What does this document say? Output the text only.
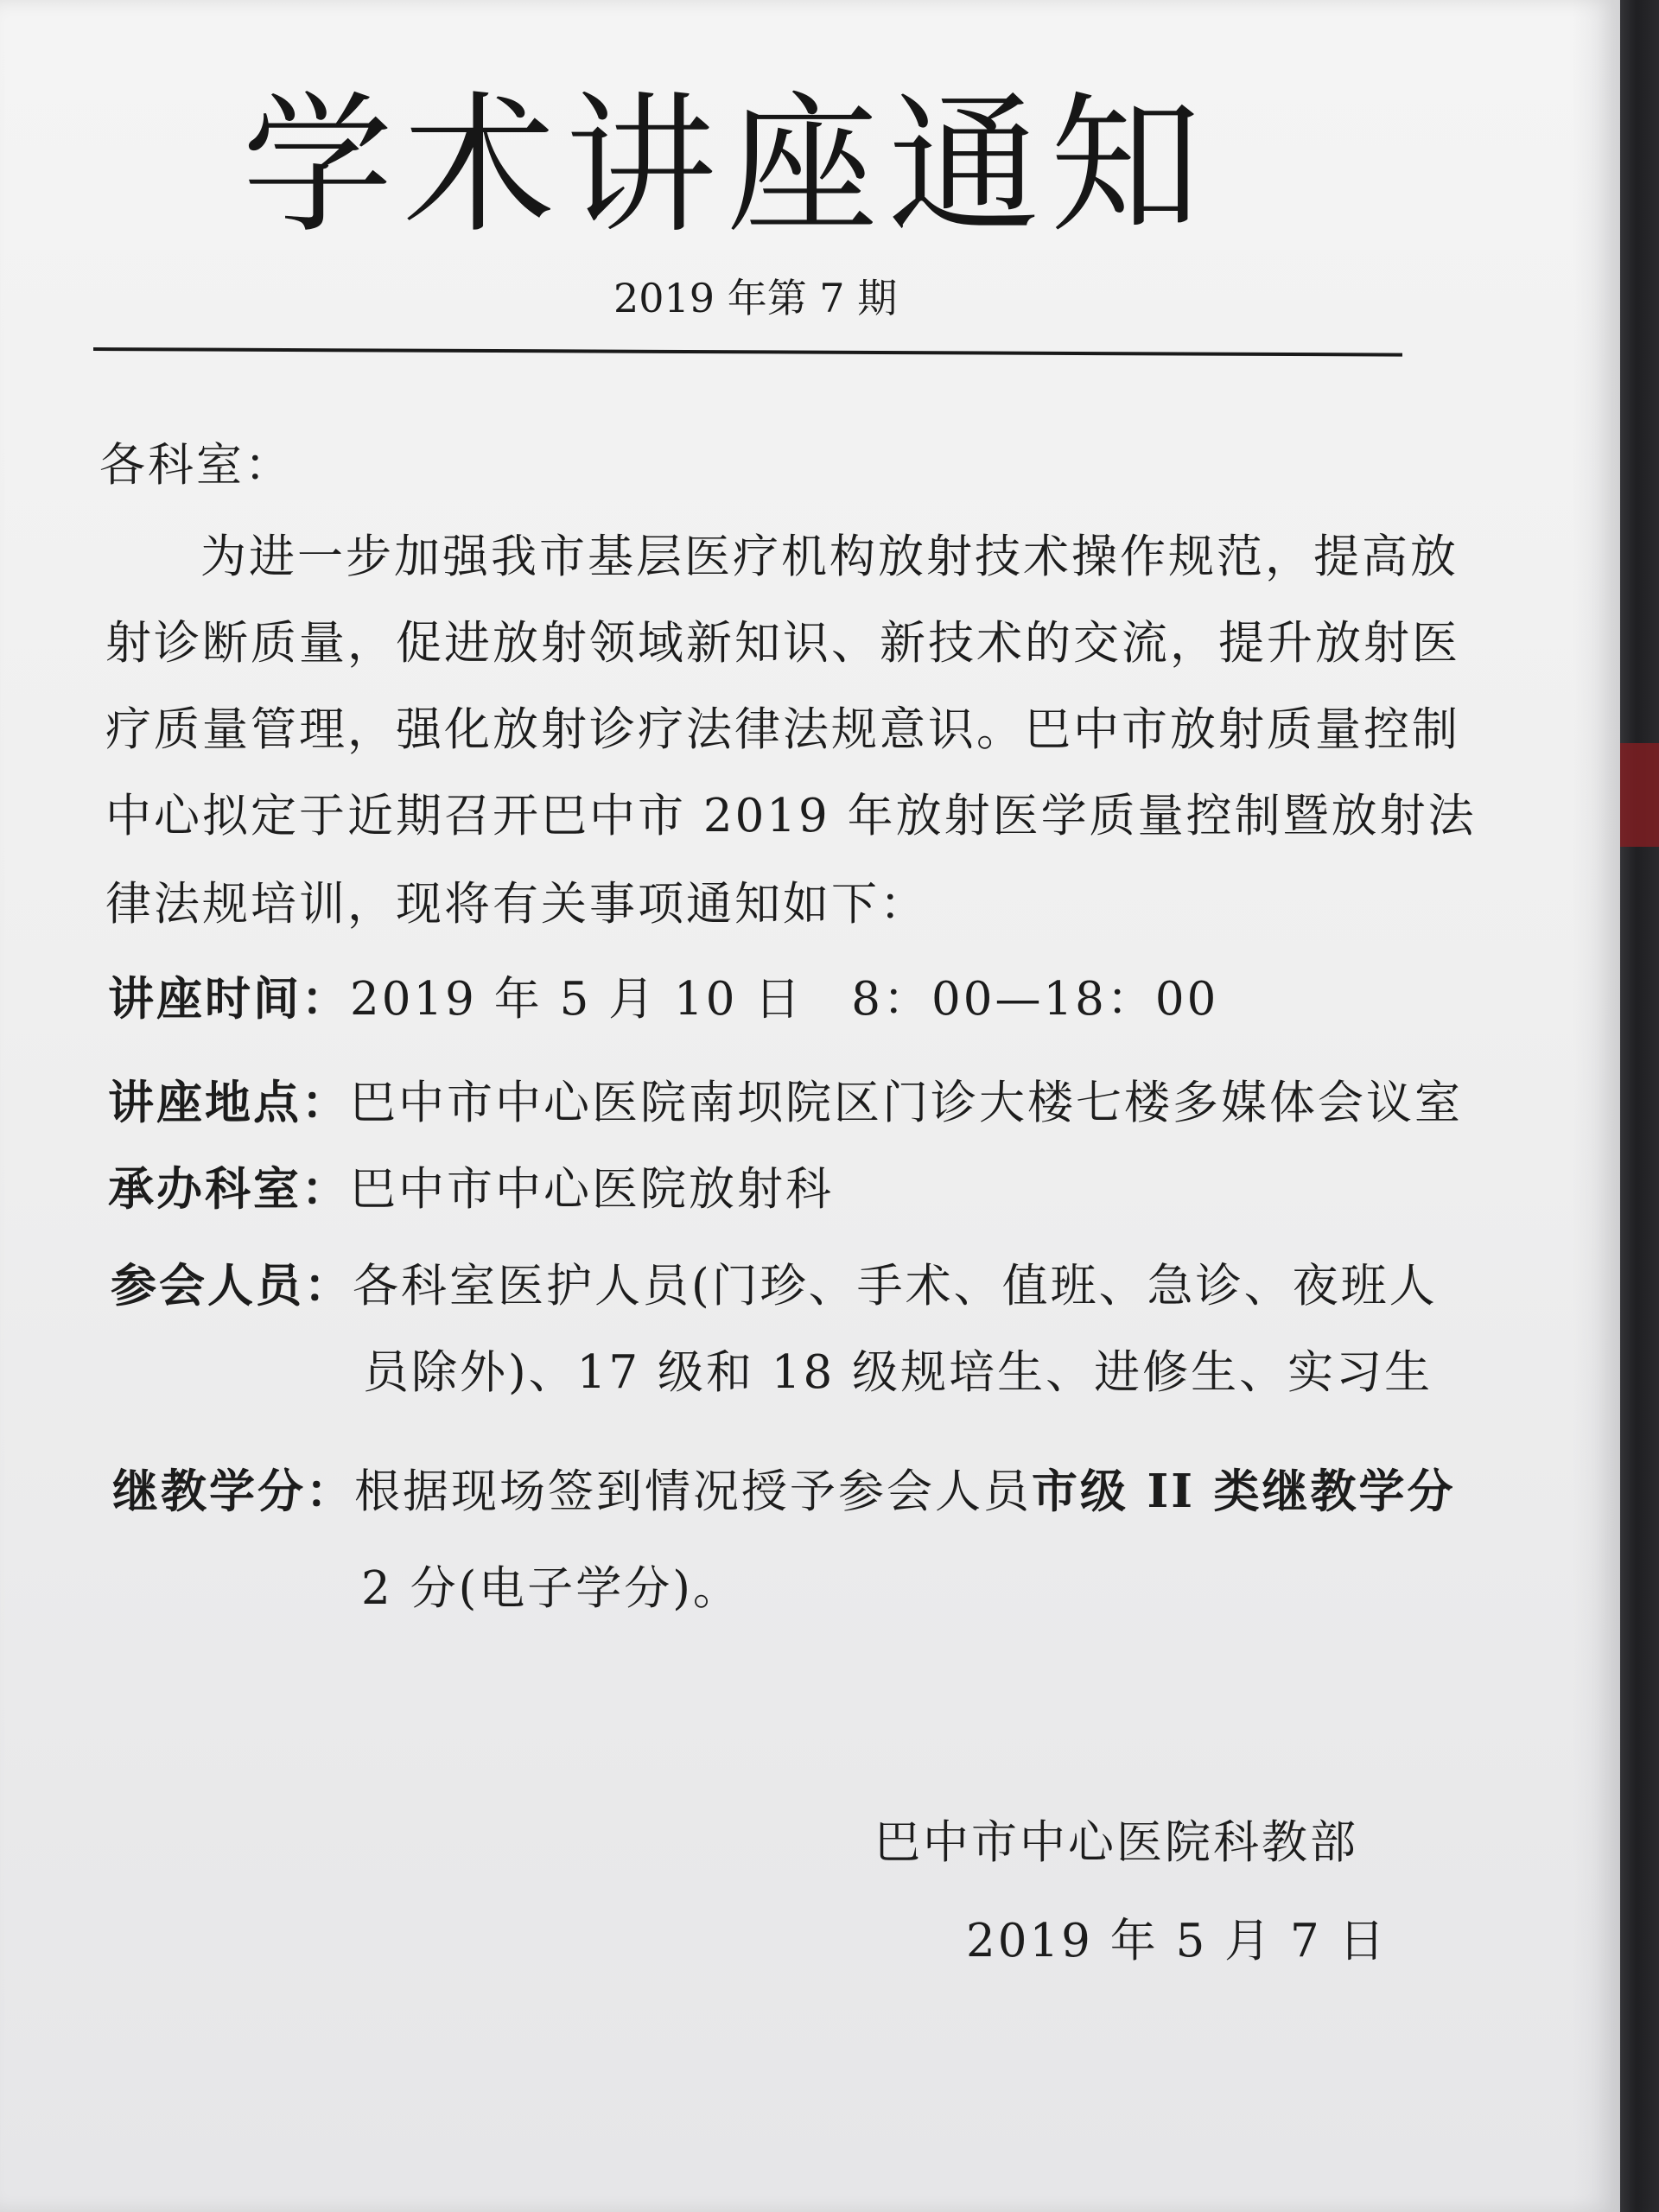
学术讲座通知
2019 年第 7 期
各科室：
为进一步加强我市基层医疗机构放射技术操作规范，提高放
射诊断质量，促进放射领域新知识、新技术的交流，提升放射医
疗质量管理，强化放射诊疗法律法规意识。巴中市放射质量控制
中心拟定于近期召开巴中市 2019 年放射医学质量控制暨放射法
律法规培训，现将有关事项通知如下：
讲座时间：2019 年 5 月 10 日　8：00—18：00
讲座地点：巴中市中心医院南坝院区门诊大楼七楼多媒体会议室
承办科室：巴中市中心医院放射科
参会人员：各科室医护人员(门珍、手术、值班、急诊、夜班人
员除外)、17 级和 18 级规培生、进修生、实习生
继教学分：根据现场签到情况授予参会人员市级 II 类继教学分
2 分(电子学分)。
巴中市中心医院科教部
2019 年 5 月 7 日
